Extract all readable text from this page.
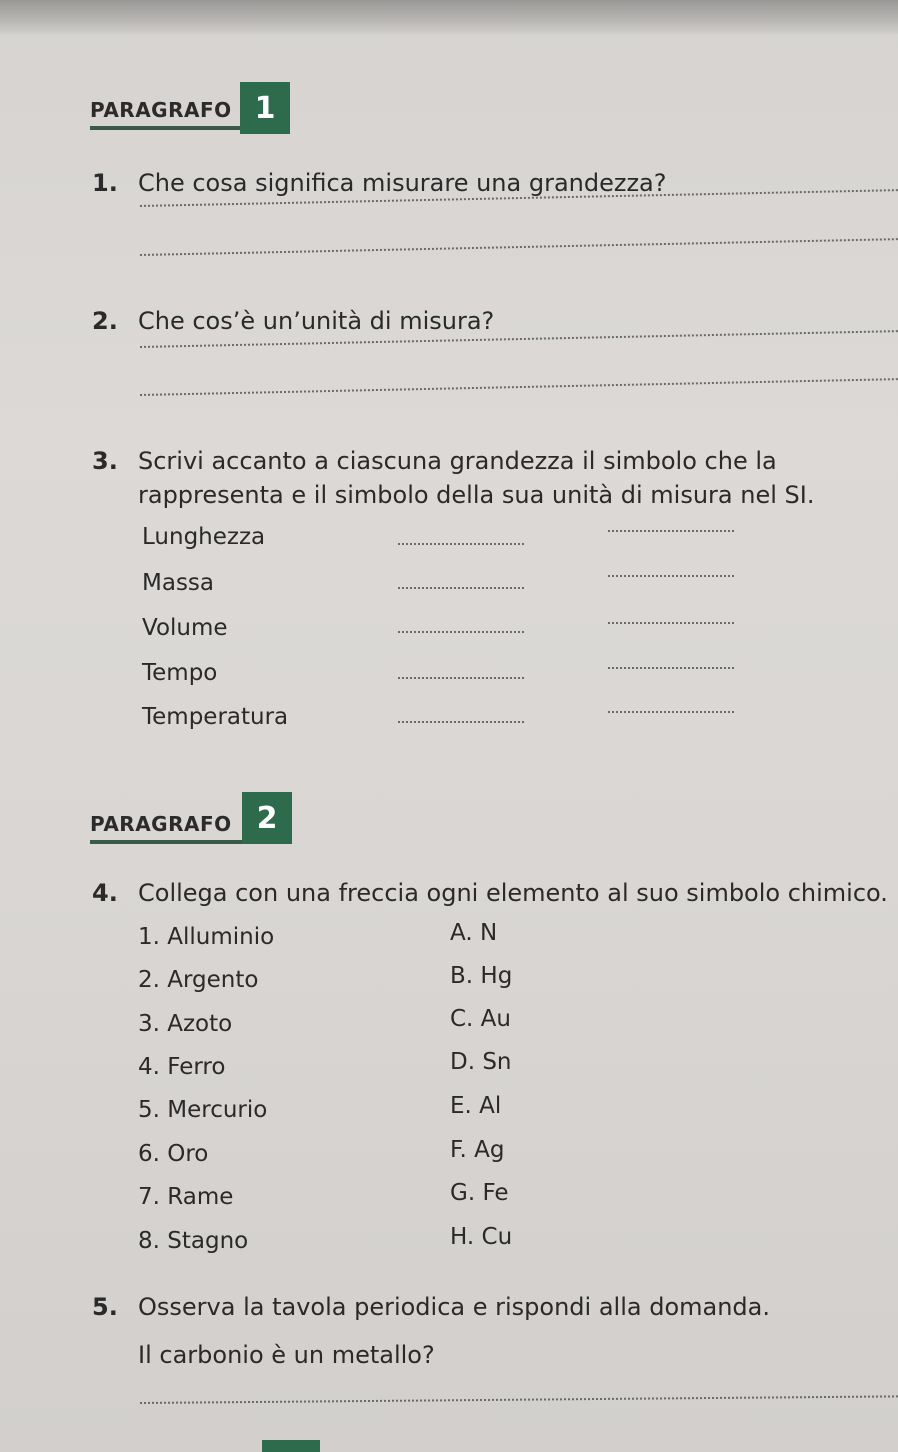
PARAGRAFO 1
1. Che cosa significa misurare una grandezza?
2. Che cos’è un’unità di misura?
3. Scrivi accanto a ciascuna grandezza il simbolo che la
rappresenta e il simbolo della sua unità di misura nel SI.
Lunghezza
Massa
Volume
Tempo
Temperatura
PARAGRAFO 2
4. Collega con una freccia ogni elemento al suo simbolo chimico.
1. Alluminio
2. Argento
3. Azoto
4. Ferro
5. Mercurio
6. Oro
7. Rame
8. Stagno
A. N
B. Hg
C. Au
D. Sn
E. Al
F. Ag
G. Fe
H. Cu
5. Osserva la tavola periodica e rispondi alla domanda.
Il carbonio è un metallo?
